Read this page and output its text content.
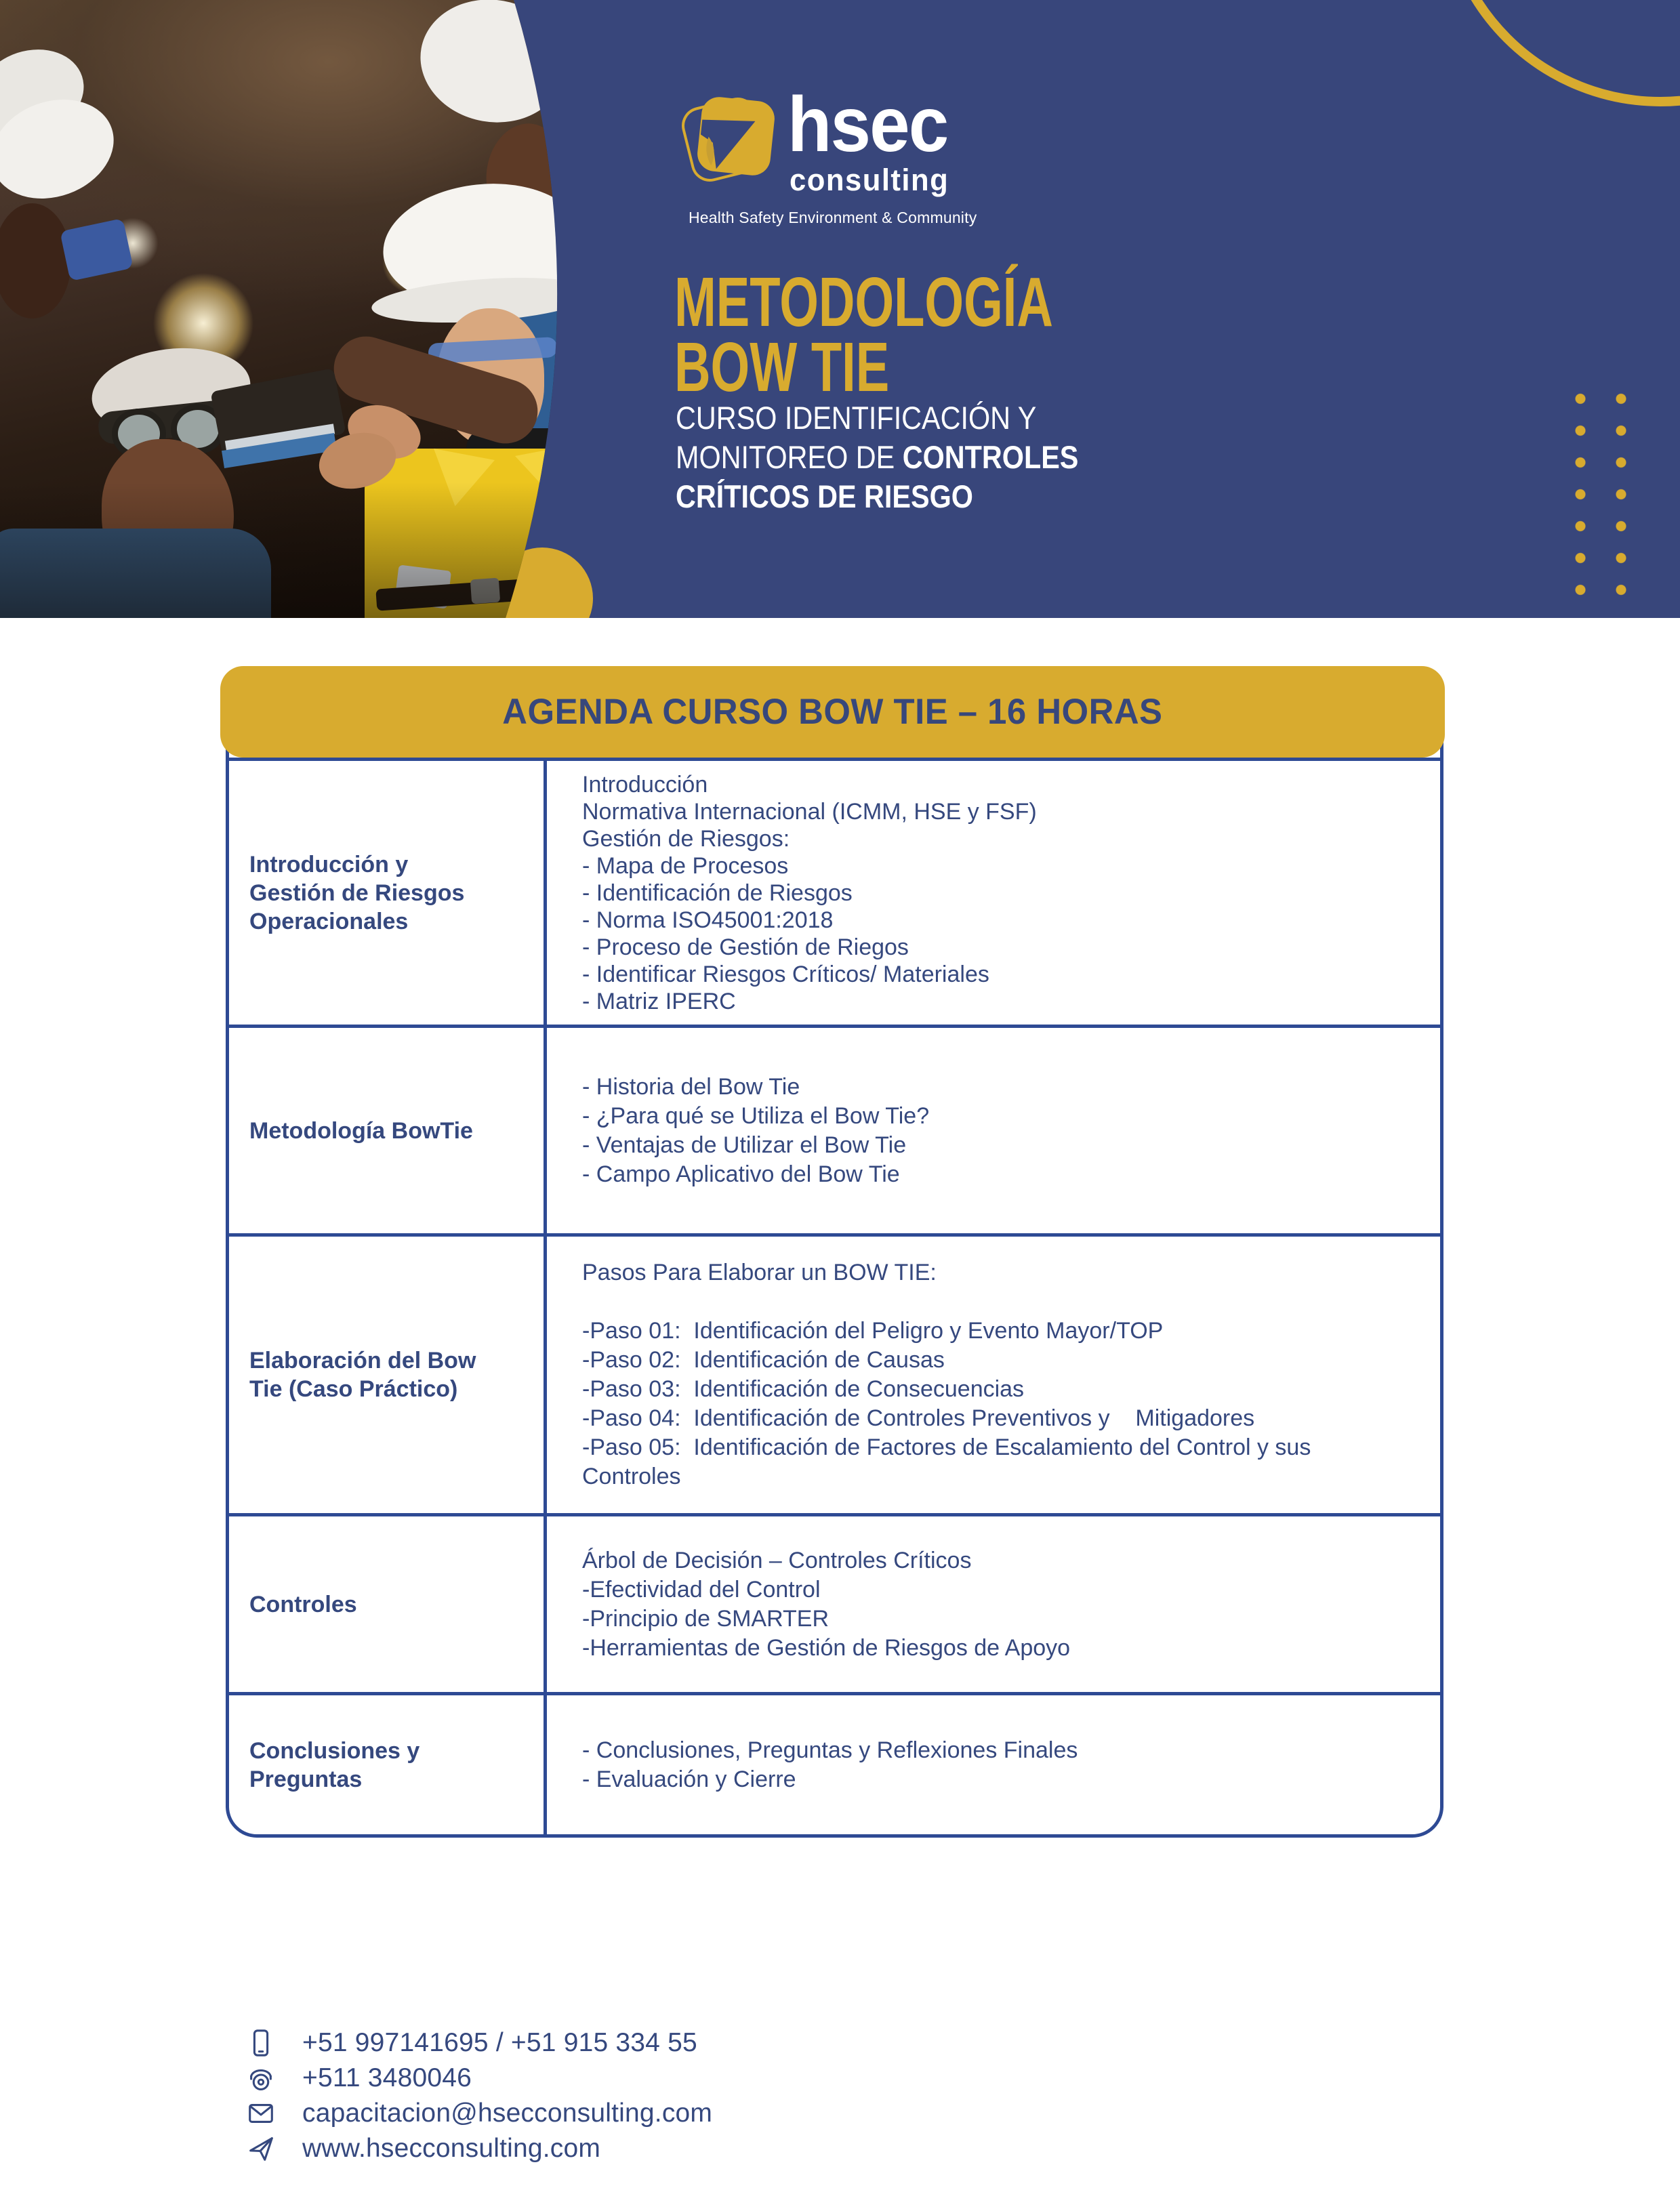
hsec
consulting
Health Safety Environment & Community
METODOLOGÍA
BOW TIE
CURSO IDENTIFICACIÓN Y
MONITOREO DE CONTROLES
CRÍTICOS DE RIESGO
AGENDA CURSO BOW TIE – 16 HORAS
Introducción y Gestión de Riesgos Operacionales
Introducción
Normativa Internacional (ICMM, HSE y FSF)
Gestión de Riesgos:
- Mapa de Procesos
- Identificación de Riesgos
- Norma ISO45001:2018
- Proceso de Gestión de Riegos
- Identificar Riesgos Críticos/ Materiales
- Matriz IPERC
Metodología BowTie
- Historia del Bow Tie
- ¿Para qué se Utiliza el Bow Tie?
- Ventajas de Utilizar el Bow Tie
- Campo Aplicativo del Bow Tie
Elaboración del Bow Tie (Caso Práctico)
Pasos Para Elaborar un BOW TIE:
-Paso 01:  Identificación del Peligro y Evento Mayor/TOP
-Paso 02:  Identificación de Causas
-Paso 03:  Identificación de Consecuencias
-Paso 04:  Identificación de Controles Preventivos y    Mitigadores
-Paso 05:  Identificación de Factores de Escalamiento del Control y sus Controles
Controles
Árbol de Decisión – Controles Críticos
-Efectividad del Control
-Principio de SMARTER
-Herramientas de Gestión de Riesgos de Apoyo
Conclusiones y Preguntas
- Conclusiones, Preguntas y Reflexiones Finales
- Evaluación y Cierre
+51 997141695 / +51 915 334 55
+511 3480046
capacitacion@hsecconsulting.com
www.hsecconsulting.com
